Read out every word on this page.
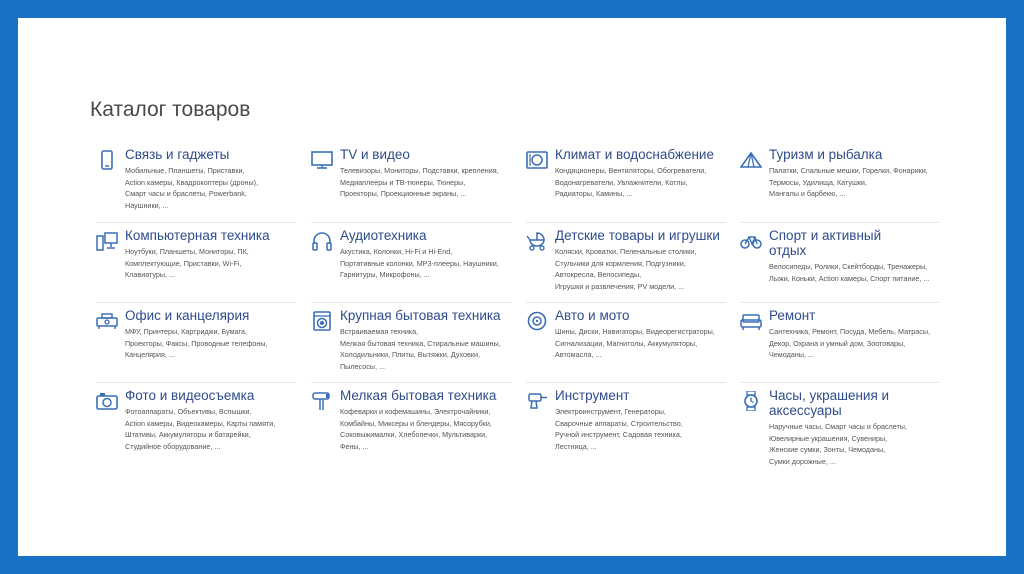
Каталог товаров
Связь и гаджеты
Мобильные, Планшеты, Приставки,
Action камеры, Квадрокоптеры (дроны),
Смарт часы и браслеты, Powerbank,
Наушники, ...
Компьютерная техника
Ноутбуки, Планшеты, Мониторы, ПК,
Комплектующие, Приставки, Wi-Fi,
Клавиатуры, ...
Офис и канцелярия
МФУ, Принтеры, Картриджи, Бумага,
Проекторы, Факсы, Проводные телефоны,
Канцелярия, ...
Фото и видеосъемка
Фотоаппараты, Объективы, Вспышки,
Action камеры, Видеокамеры, Карты памяти,
Штативы, Аккумуляторы и батарейки,
Студийное оборудование, ...
TV и видео
Телевизоры, Мониторы, Подставки, крепления,
Медиаплееры и ТВ-тюнеры, Тюнеры,
Проекторы, Проекционные экраны, ...
Аудиотехника
Акустика, Колонки, Hi-Fi и Hi-End,
Портативные колонки, МР3-плееры, Наушники,
Гарнитуры, Микрофоны, ...
Крупная бытовая техника
Встраиваемая техника,
Мелкая бытовая техника, Стиральные машины,
Холодильники, Плиты, Вытяжки, Духовки,
Пылесосы, ...
Мелкая бытовая техника
Кофеварки и кофемашины, Электрочайники,
Комбайны, Миксеры и блендеры, Мясорубки,
Соковыжималки, Хлебопечки, Мультиварки,
Фены, ...
Климат и водоснабжение
Кондиционеры, Вентиляторы, Обогреватели,
Водонагреватели, Увлажнители, Котлы,
Радиаторы, Камины, ...
Детские товары и игрушки
Коляски, Кроватки, Пеленальные столики,
Стульчики для кормления, Подгузники,
Автокресла, Велосипеды,
Игрушки и развлечения, PV модели, ...
Авто и мото
Шины, Диски, Навигаторы, Видеорегистраторы,
Сигнализации, Магнитолы, Аккумуляторы,
Автомасла, ...
Инструмент
Электроинструмент, Генераторы,
Сварочные аппараты, Строительство,
Ручной инструмент, Садовая техника,
Лестница, ...
Туризм и рыбалка
Палатки, Спальные мешки, Горелки, Фонарики,
Термосы, Удилища, Катушки,
Мангалы и барбекю, ...
Спорт и активный отдых
Велосипеды, Ролики, Скейтборды, Тренажеры,
Лыжи, Коньки, Action камеры, Спорт питание, ...
Ремонт
Сантехника, Ремонт, Посуда, Мебель, Матрасы,
Декор, Охрана и умный дом, Зоотовары,
Чемоданы, ...
Часы, украшения и аксессуары
Наручные часы, Смарт часы и браслеты,
Ювелирные украшения, Сувениры,
Женские сумки, Зонты, Чемоданы,
Сумки дорожные, ...
